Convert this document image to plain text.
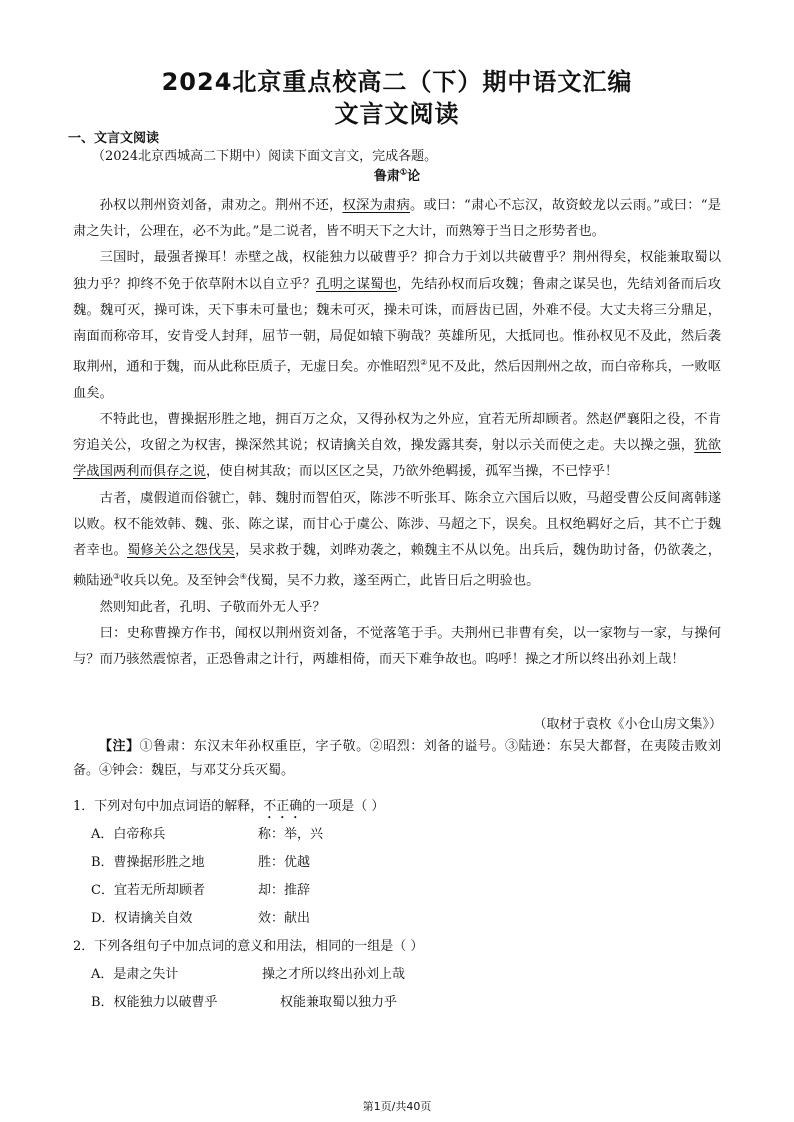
2024北京重点校高二（下）期中语文汇编
文言文阅读
一、文言文阅读
（2024北京西城高二下期中）阅读下面文言文，完成各题。
鲁肃①论

孙权以荆州资刘备，肃劝之。荆州不还，权深为肃病。或曰：“肃心不忘汉，故资蛟龙以云雨。”或曰：“是肃之失计，公理在，必不为此。”是二说者，皆不明天下之大计，而熟筹于当日之形势者也。

三国时，最强者操耳！赤壁之战，权能独力以破曹乎？抑合力于刘以共破曹乎？荆州得矣，权能兼取蜀以独力乎？抑终不免于依草附木以自立乎？孔明之谋蜀也，先结孙权而后攻魏；鲁肃之谋吴也，先结刘备而后攻魏。魏可灭，操可诛，天下事未可量也；魏未可灭，操未可诛，而唇齿已固，外难不侵。大丈夫将三分鼎足，南面而称帝耳，安肯受人封拜，屈节一朝，局促如辕下驹哉？英雄所见，大抵同也。惟孙权见不及此，然后袭取荆州，通和于魏，而从此称臣质子，无虚日矣。亦惟昭烈②见不及此，然后因荆州之故，而白帝称兵，一败呕血矣。

不特此也，曹操据形胜之地，拥百万之众，又得孙权为之外应，宜若无所却顾者。然赵俨襄阳之役，不肯穷追关公，攻留之为权害，操深然其说；权请擒关自效，操发露其奏，射以示关而使之走。夫以操之强，犹欲学战国两利而俱存之说，使自树其敌；而以区区之吴，乃欲外绝羁援，孤军当操，不已悖乎！

古者，虞假道而俗虢亡，韩、魏肘而智伯灭，陈涉不听张耳、陈余立六国后以败，马超受曹公反间离韩遂以败。权不能效韩、魏、张、陈之谋，而甘心于虞公、陈涉、马超之下，误矣。且权绝羁好之后，其不亡于魏者幸也。蜀修关公之怨伐吴，吴求救于魏，刘晔劝袭之，赖魏主不从以免。出兵后，魏伪助讨备，仍欲袭之，赖陆逊③收兵以免。及至钟会④伐蜀，吴不力救，遂至两亡，此皆日后之明验也。

然则知此者，孔明、子敬而外无人乎？

曰：史称曹操方作书，闻权以荆州资刘备，不觉落笔于手。夫荆州已非曹有矣，以一家物与一家，与操何与？而乃骇然震惊者，正恐鲁肃之计行，两雄相倚，而天下难争故也。呜呼！操之才所以终出孙刘上哉！

（取材于袁枚《小仓山房文集》）
【注】①鲁肃：东汉末年孙权重臣，字子敬。②昭烈：刘备的谥号。③陆逊：东吴大都督，在夷陵击败刘备。④钟会：魏臣，与邓艾分兵灭蜀。
1．下列对句中加点词语的解释，不正确的一项是（ ）
A．白帝称兵	称：举，兴
B．曹操据形胜之地	胜：优越
C．宜若无所却顾者	却：推辞
D．权请擒关自效	效：献出
2．下列各组句子中加点词的意义和用法，相同的一组是（ ）
A．是肃之失计	操之才所以终出孙刘上哉
B．权能独力以破曹乎	权能兼取蜀以独力乎
第1页/共40页
